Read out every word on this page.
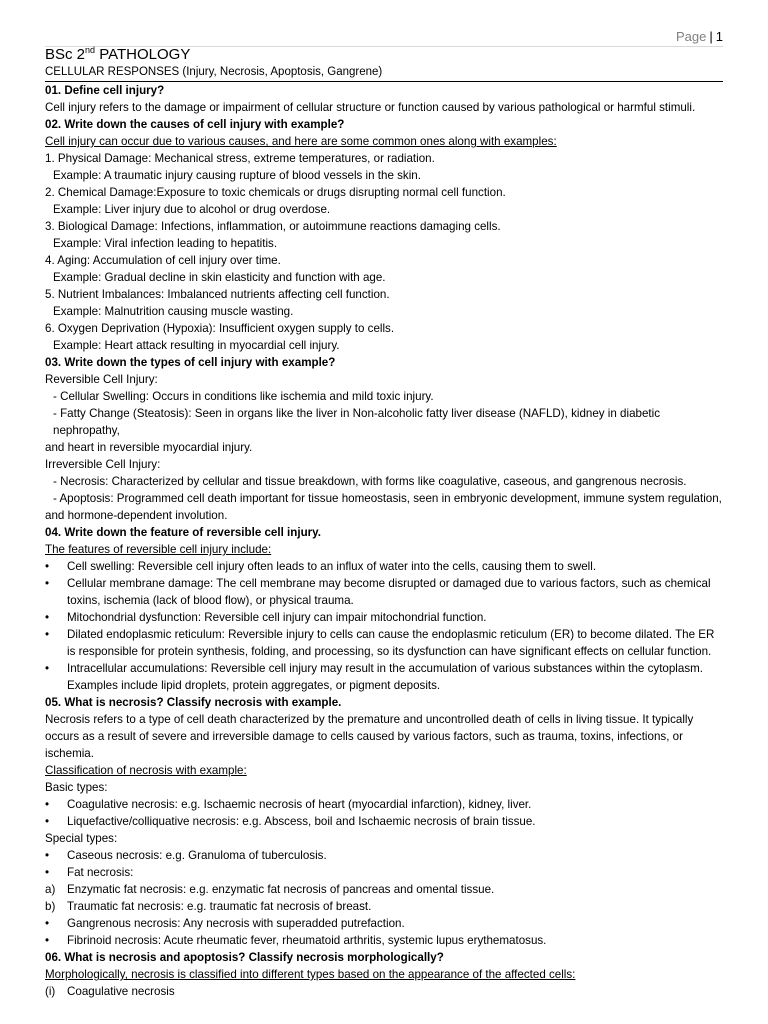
Page | 1
BSc 2nd PATHOLOGY
CELLULAR RESPONSES (Injury, Necrosis, Apoptosis, Gangrene)

01. Define cell injury?

Cell injury refers to the damage or impairment of cellular structure or function caused by various pathological or harmful stimuli.

02. Write down the causes of cell injury with example?

Cell injury can occur due to various causes, and here are some common ones along with examples:

1. Physical Damage: Mechanical stress, extreme temperatures, or radiation.

Example: A traumatic injury causing rupture of blood vessels in the skin.

2. Chemical Damage:Exposure to toxic chemicals or drugs disrupting normal cell function.

Example: Liver injury due to alcohol or drug overdose.

3. Biological Damage: Infections, inflammation, or autoimmune reactions damaging cells.

Example: Viral infection leading to hepatitis.

4. Aging: Accumulation of cell injury over time.

Example: Gradual decline in skin elasticity and function with age.

5. Nutrient Imbalances: Imbalanced nutrients affecting cell function.

Example: Malnutrition causing muscle wasting.

6. Oxygen Deprivation (Hypoxia): Insufficient oxygen supply to cells.

Example: Heart attack resulting in myocardial cell injury.

03. Write down the types of cell injury with example?

Reversible Cell Injury:

- Cellular Swelling: Occurs in conditions like ischemia and mild toxic injury.

- Fatty Change (Steatosis): Seen in organs like the liver in Non-alcoholic fatty liver disease (NAFLD), kidney in diabetic nephropathy,

and heart in reversible myocardial injury.

Irreversible Cell Injury:

- Necrosis: Characterized by cellular and tissue breakdown, with forms like coagulative, caseous, and gangrenous necrosis.

- Apoptosis: Programmed cell death important for tissue homeostasis, seen in embryonic development, immune system regulation,

and hormone-dependent involution.

04. Write down the feature of reversible cell injury.

The features of reversible cell injury include:

•	Cell swelling: Reversible cell injury often leads to an influx of water into the cells, causing them to swell.
•	Cellular membrane damage: The cell membrane may become disrupted or damaged due to various factors, such as chemical toxins, ischemia (lack of blood flow), or physical trauma.
•	Mitochondrial dysfunction: Reversible cell injury can impair mitochondrial function.
•	Dilated endoplasmic reticulum: Reversible injury to cells can cause the endoplasmic reticulum (ER) to become dilated. The ER is responsible for protein synthesis, folding, and processing, so its dysfunction can have significant effects on cellular function.
•	Intracellular accumulations: Reversible cell injury may result in the accumulation of various substances within the cytoplasm. Examples include lipid droplets, protein aggregates, or pigment deposits.

05. What is necrosis? Classify necrosis with example.

Necrosis refers to a type of cell death characterized by the premature and uncontrolled death of cells in living tissue. It typically occurs as a result of severe and irreversible damage to cells caused by various factors, such as trauma, toxins, infections, or ischemia.

Classification of necrosis with example:

Basic types:

•	Coagulative necrosis: e.g. Ischaemic necrosis of heart (myocardial infarction), kidney, liver.
•	Liquefactive/colliquative necrosis: e.g. Abscess, boil and Ischaemic necrosis of brain tissue.

Special types:

•	Caseous necrosis: e.g. Granuloma of tuberculosis.
•	Fat necrosis:
a)	Enzymatic fat necrosis: e.g. enzymatic fat necrosis of pancreas and omental tissue.
b)	Traumatic fat necrosis: e.g. traumatic fat necrosis of breast.
•	Gangrenous necrosis: Any necrosis with superadded putrefaction.
•	Fibrinoid necrosis: Acute rheumatic fever, rheumatoid arthritis, systemic lupus erythematosus.

06. What is necrosis and apoptosis? Classify necrosis morphologically?

Morphologically, necrosis is classified into different types based on the appearance of the affected cells:

(i)	Coagulative necrosis
